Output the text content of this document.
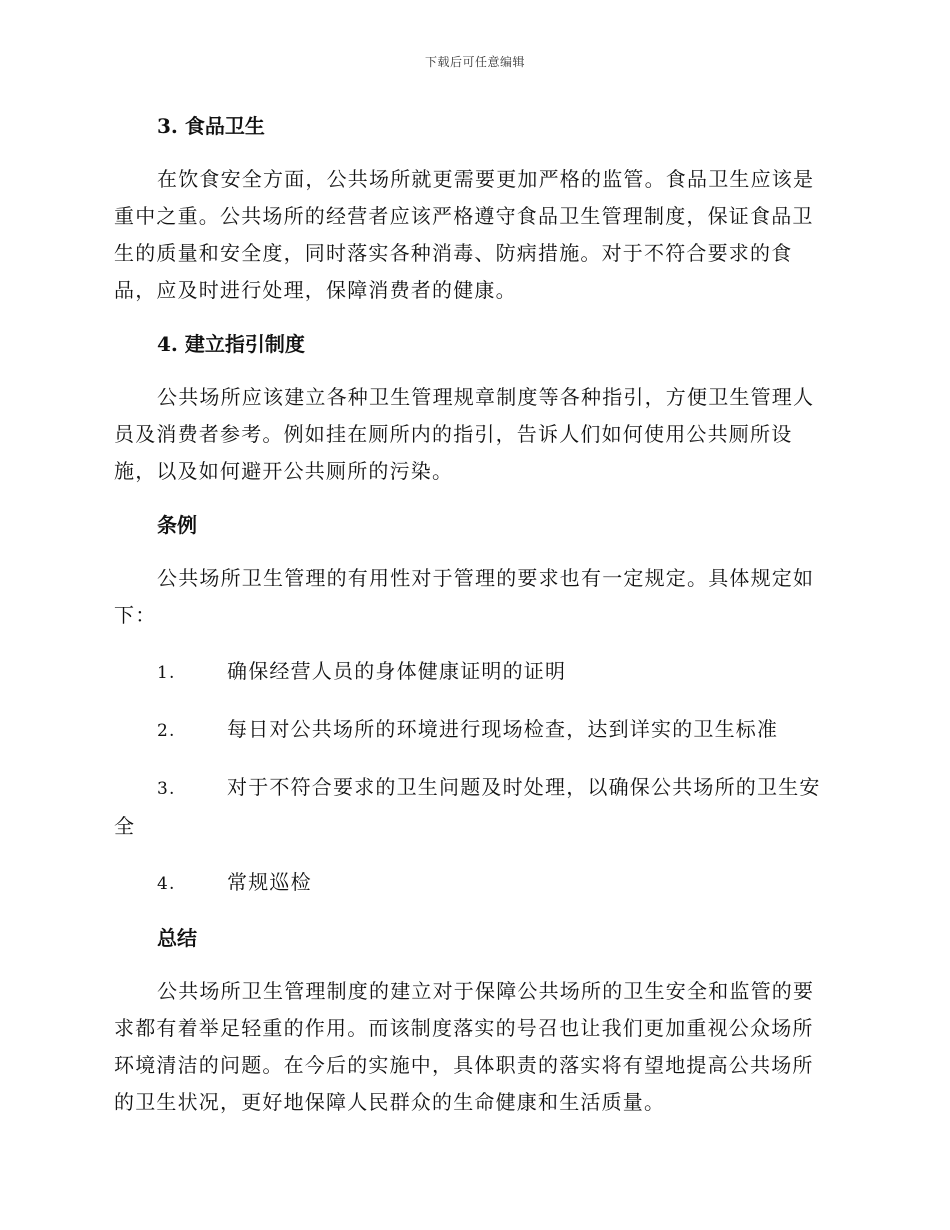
下载后可任意编辑
3. 食品卫生

在饮食安全方面，公共场所就更需要更加严格的监管。食品卫生应该是重中之重。公共场所的经营者应该严格遵守食品卫生管理制度，保证食品卫生的质量和安全度，同时落实各种消毒、防病措施。对于不符合要求的食品，应及时进行处理，保障消费者的健康。

4. 建立指引制度

公共场所应该建立各种卫生管理规章制度等各种指引，方便卫生管理人员及消费者参考。例如挂在厕所内的指引，告诉人们如何使用公共厕所设施，以及如何避开公共厕所的污染。

条例

公共场所卫生管理的有用性对于管理的要求也有一定规定。具体规定如下：

1.	确保经营人员的身体健康证明的证明

2.	每日对公共场所的环境进行现场检查，达到详实的卫生标准

3.	对于不符合要求的卫生问题及时处理，以确保公共场所的卫生安全

4.	常规巡检

总结

公共场所卫生管理制度的建立对于保障公共场所的卫生安全和监管的要求都有着举足轻重的作用。而该制度落实的号召也让我们更加重视公众场所环境清洁的问题。在今后的实施中，具体职责的落实将有望地提高公共场所的卫生状况，更好地保障人民群众的生命健康和生活质量。
